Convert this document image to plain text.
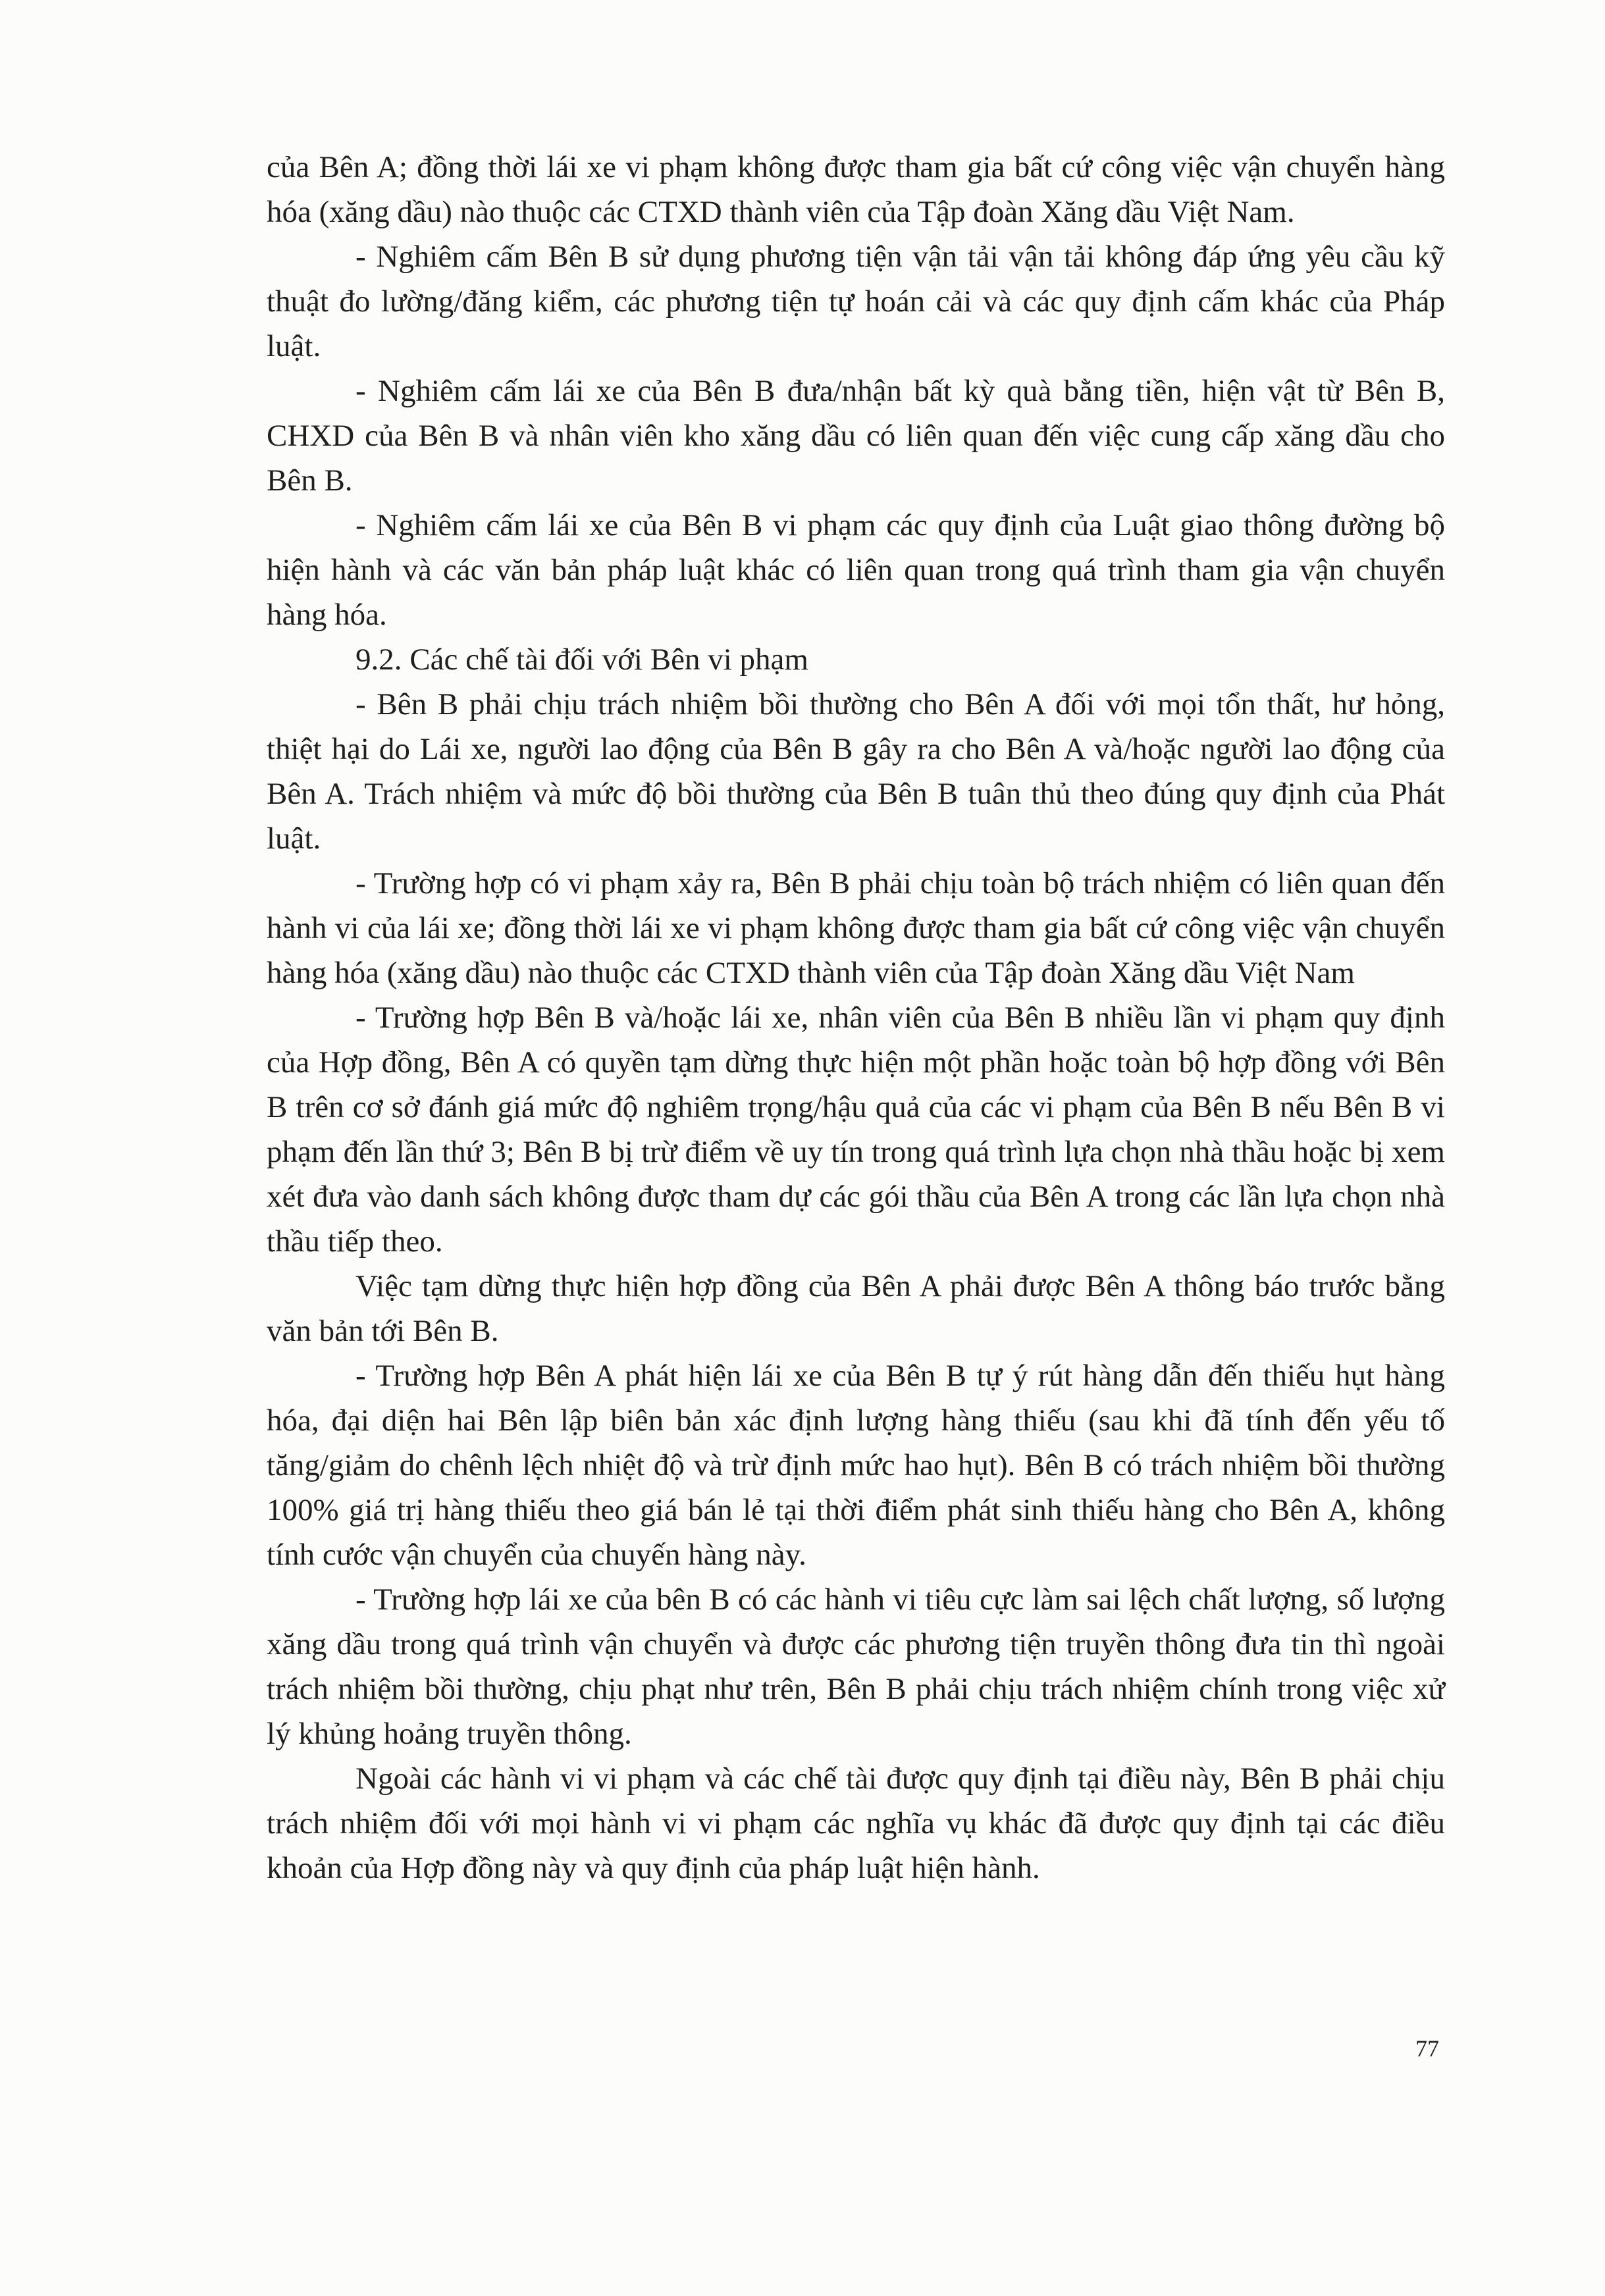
của Bên A; đồng thời lái xe vi phạm không được tham gia bất cứ công việc vận chuyển hàng hóa (xăng dầu) nào thuộc các CTXD thành viên của Tập đoàn Xăng dầu Việt Nam.

- Nghiêm cấm Bên B sử dụng phương tiện vận tải vận tải không đáp ứng yêu cầu kỹ thuật đo lường/đăng kiểm, các phương tiện tự hoán cải và các quy định cấm khác của Pháp luật.

- Nghiêm cấm lái xe của Bên B đưa/nhận bất kỳ quà bằng tiền, hiện vật từ Bên B, CHXD của Bên B và nhân viên kho xăng dầu có liên quan đến việc cung cấp xăng dầu cho Bên B.

- Nghiêm cấm lái xe của Bên B vi phạm các quy định của Luật giao thông đường bộ hiện hành và các văn bản pháp luật khác có liên quan trong quá trình tham gia vận chuyển hàng hóa.

9.2. Các chế tài đối với Bên vi phạm

- Bên B phải chịu trách nhiệm bồi thường cho Bên A đối với mọi tổn thất, hư hỏng, thiệt hại do Lái xe, người lao động của Bên B gây ra cho Bên A và/hoặc người lao động của Bên A. Trách nhiệm và mức độ bồi thường của Bên B tuân thủ theo đúng quy định của Phát luật.

- Trường hợp có vi phạm xảy ra, Bên B phải chịu toàn bộ trách nhiệm có liên quan đến hành vi của lái xe; đồng thời lái xe vi phạm không được tham gia bất cứ công việc vận chuyển hàng hóa (xăng dầu) nào thuộc các CTXD thành viên của Tập đoàn Xăng dầu Việt Nam

- Trường hợp Bên B và/hoặc lái xe, nhân viên của Bên B nhiều lần vi phạm quy định của Hợp đồng, Bên A có quyền tạm dừng thực hiện một phần hoặc toàn bộ hợp đồng với Bên B trên cơ sở đánh giá mức độ nghiêm trọng/hậu quả của các vi phạm của Bên B nếu Bên B vi phạm đến lần thứ 3; Bên B bị trừ điểm về uy tín trong quá trình lựa chọn nhà thầu hoặc bị xem xét đưa vào danh sách không được tham dự các gói thầu của Bên A trong các lần lựa chọn nhà thầu tiếp theo.

Việc tạm dừng thực hiện hợp đồng của Bên A phải được Bên A thông báo trước bằng văn bản tới Bên B.

- Trường hợp Bên A phát hiện lái xe của Bên B tự ý rút hàng dẫn đến thiếu hụt hàng hóa, đại diện hai Bên lập biên bản xác định lượng hàng thiếu (sau khi đã tính đến yếu tố tăng/giảm do chênh lệch nhiệt độ và trừ định mức hao hụt). Bên B có trách nhiệm bồi thường 100% giá trị hàng thiếu theo giá bán lẻ tại thời điểm phát sinh thiếu hàng cho Bên A, không tính cước vận chuyển của chuyến hàng này.

- Trường hợp lái xe của bên B có các hành vi tiêu cực làm sai lệch chất lượng, số lượng xăng dầu trong quá trình vận chuyển và được các phương tiện truyền thông đưa tin thì ngoài trách nhiệm bồi thường, chịu phạt như trên, Bên B phải chịu trách nhiệm chính trong việc xử lý khủng hoảng truyền thông.

Ngoài các hành vi vi phạm và các chế tài được quy định tại điều này, Bên B phải chịu trách nhiệm đối với mọi hành vi vi phạm các nghĩa vụ khác đã được quy định tại các điều khoản của Hợp đồng này và quy định của pháp luật hiện hành.

77
